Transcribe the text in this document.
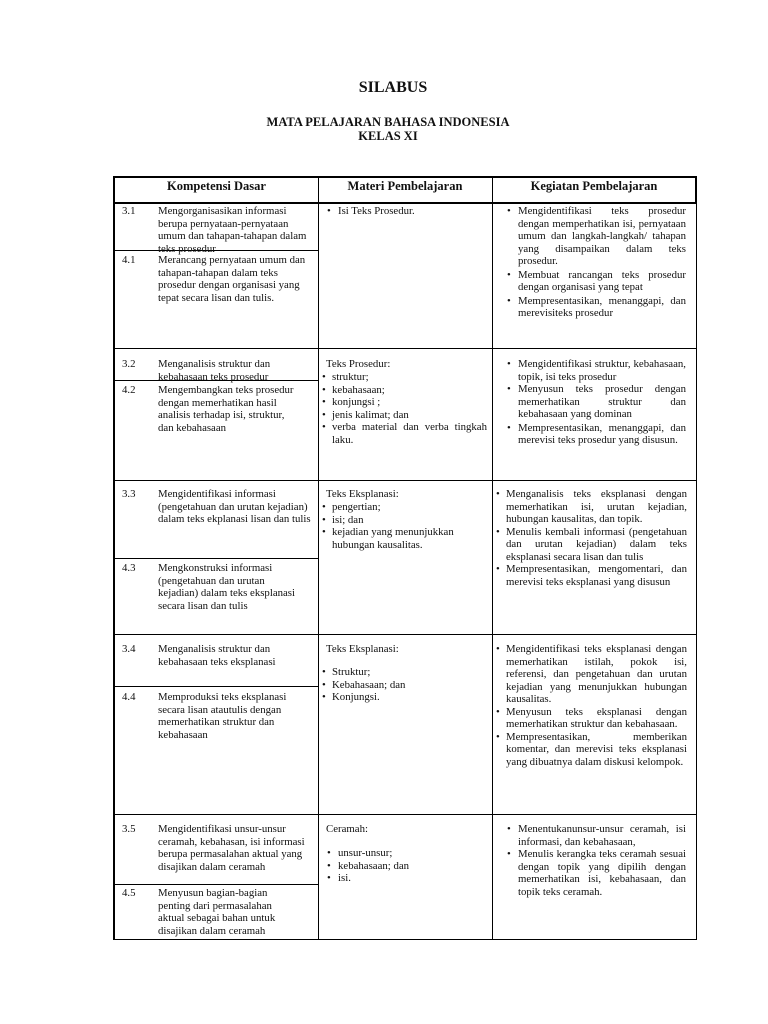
SILABUS
MATA PELAJARAN BAHASA INDONESIA
KELAS XI
Kompetensi Dasar	Materi Pembelajaran	Kegiatan Pembelajaran
3.1 Mengorganisasikan informasi berupa pernyataan-pernyataan umum dan tahapan-tahapan dalam teks prosedur
4.1 Merancang pernyataan umum dan tahapan-tahapan dalam teks prosedur dengan organisasi yang tepat secara lisan dan tulis.
• Isi Teks Prosedur.
•	Mengidentifikasi teks prosedur dengan memperhatikan isi, pernyataan umum dan langkah-langkah/ tahapan yang disampaikan dalam teks prosedur.
• Membuat rancangan teks prosedur dengan organisasi yang tepat
• Mempresentasikan, menanggapi, dan merevisiteks prosedur
3.2 Menganalisis struktur dan kebahasaan teks prosedur
4.2 Mengembangkan teks prosedur dengan memerhatikan hasil analisis terhadap isi, struktur, dan kebahasaan
Teks Prosedur:
• struktur;
• kebahasaan;
• konjungsi ;
• jenis kalimat; dan
• verba material dan verba tingkah laku.
• Mengidentifikasi struktur, kebahasaan, topik, isi teks prosedur
• Menyusun teks prosedur dengan memerhatikan struktur dan kebahasaan yang dominan
• Mempresentasikan, menanggapi, dan merevisi teks prosedur yang disusun.
3.3 Mengidentifikasi informasi (pengetahuan dan urutan kejadian) dalam teks ekplanasi lisan dan tulis
4.3 Mengkonstruksi informasi (pengetahuan dan urutan kejadian) dalam teks eksplanasi secara lisan dan tulis
Teks Eksplanasi:
• pengertian;
• isi; dan
• kejadian yang menunjukkan hubungan kausalitas.
• Menganalisis teks eksplanasi dengan memerhatikan isi, urutan kejadian, hubungan kausalitas, dan topik.
• Menulis kembali informasi (pengetahuan dan urutan kejadian) dalam teks eksplanasi secara lisan dan tulis
• Mempresentasikan, mengomentari, dan merevisi teks eksplanasi yang disusun
3.4 Menganalisis struktur dan kebahasaan teks eksplanasi
4.4 Memproduksi teks eksplanasi secara lisan atautulis dengan memerhatikan struktur dan kebahasaan
Teks Eksplanasi:
• Struktur;
• Kebahasaan; dan
• Konjungsi.
• Mengidentifikasi teks eksplanasi dengan memerhatikan istilah, pokok isi, referensi, dan pengetahuan dan urutan kejadian yang menunjukkan hubungan kausalitas.
• Menyusun teks eksplanasi dengan memerhatikan struktur dan kebahasaan.
• Mempresentasikan, memberikan komentar, dan merevisi teks eksplanasi yang dibuatnya dalam diskusi kelompok.
3.5 Mengidentifikasi unsur-unsur ceramah, kebahasan, isi informasi berupa permasalahan aktual yang disajikan dalam ceramah
4.5 Menyusun bagian-bagian penting dari permasalahan aktual sebagai bahan untuk disajikan dalam ceramah
Ceramah:
• unsur-unsur;
• kebahasaan; dan
• isi.
• Menentukanunsur-unsur ceramah, isi informasi, dan kebahasaan,
• Menulis kerangka teks ceramah sesuai dengan topik yang dipilih dengan memerhatikan isi, kebahasaan, dan topik teks ceramah.
